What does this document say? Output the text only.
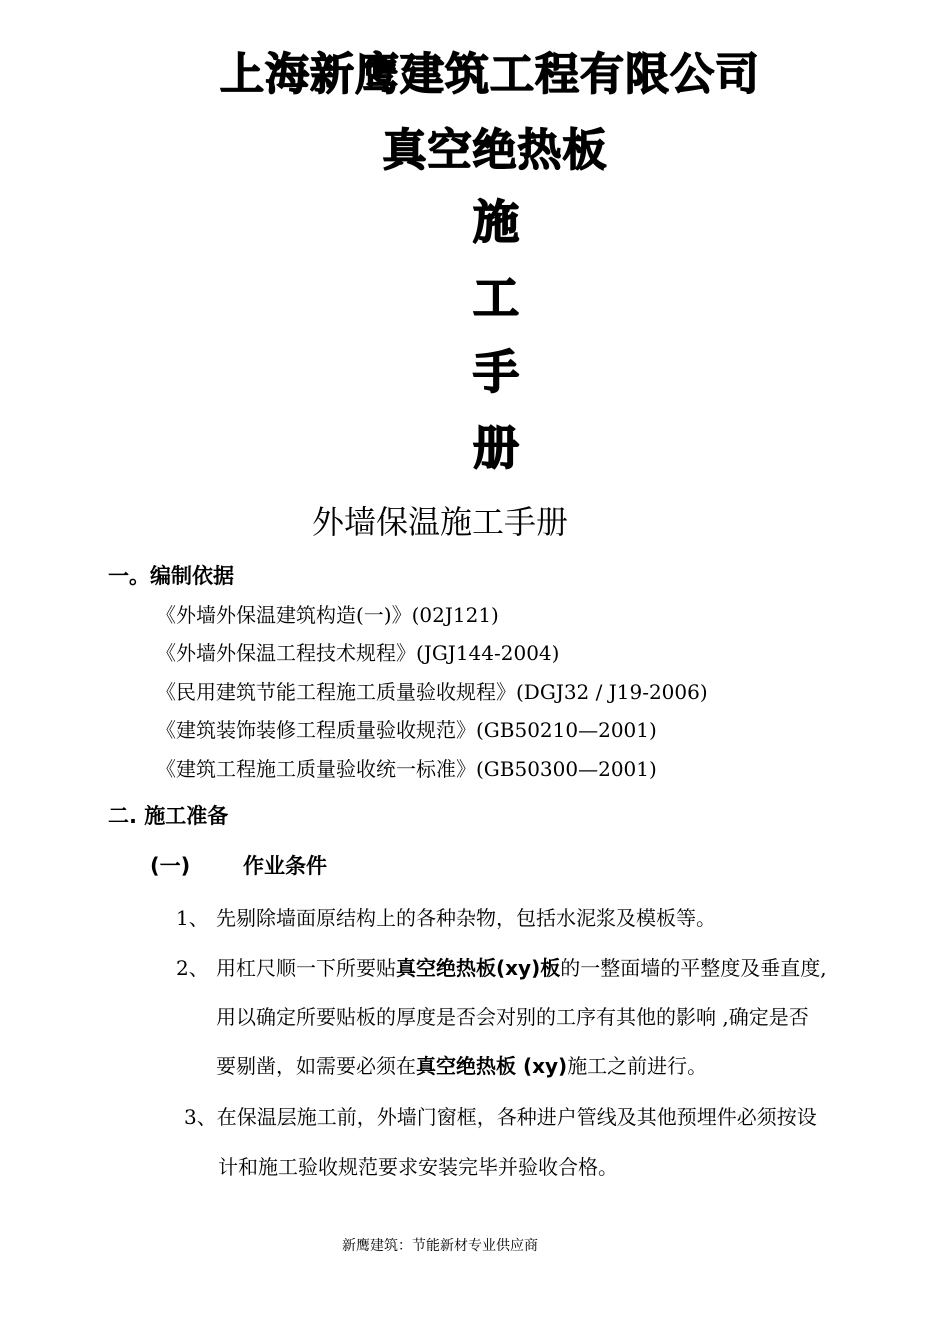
上海新鹰建筑工程有限公司
真空绝热板
施
工
手
册
外墙保温施工手册
一。编制依据
《外墙外保温建筑构造(一)》(02J121)
《外墙外保温工程技术规程》(JGJ144-2004)
《民用建筑节能工程施工质量验收规程》(DGJ32 / J19-2006)
《建筑装饰装修工程质量验收规范》(GB50210—2001)
《建筑工程施工质量验收统一标准》(GB50300—2001)
二. 施工准备
(一)	作业条件
1、 先剔除墙面原结构上的各种杂物，包括水泥浆及模板等。
2、 用杠尺顺一下所要贴真空绝热板(xy)板的一整面墙的平整度及垂直度,
用以确定所要贴板的厚度是否会对别的工序有其他的影响 ,确定是否
要剔凿，如需要必须在真空绝热板 (xy)施工之前进行。
3、在保温层施工前，外墙门窗框，各种进户管线及其他预埋件必须按设
计和施工验收规范要求安装完毕并验收合格。
新鹰建筑：节能新材专业供应商
